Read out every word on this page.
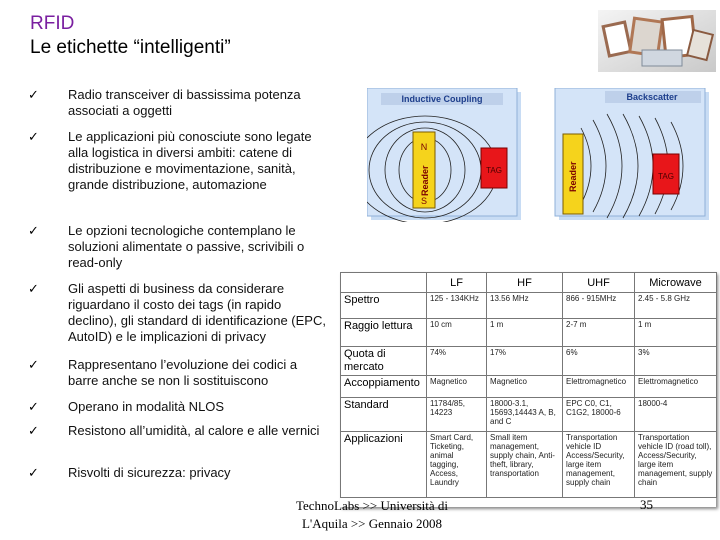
RFID
Le etichette “intelligenti”
✓ Radio transceiver di bassissima potenza associati a oggetti
✓ Le applicazioni più conosciute sono legate alla logistica in diversi ambiti: catene di distribuzione e movimentazione, sanità, grande distribuzione, automazione
✓ Le opzioni tecnologiche contemplano le soluzioni alimentate o passive, scrivibili o read-only
✓ Gli aspetti di business da considerare riguardano il costo dei tags (in rapido declino), gli standard di identificazione (EPC, AutoID) e le implicazioni di privacy
✓ Rappresentano l’evoluzione dei codici a barre anche se non li sostituiscono
✓ Operano in modalità NLOS
✓ Resistono all’umidità, al calore e alle vernici
✓ Risvolti di sicurezza: privacy
Inductive Coupling
Reader
N
S
TAG
Backscatter
Reader	TAG
	LF	HF	UHF	Microwave
Spettro	125 - 134KHz	13.56 MHz	866 - 915MHz	2.45 - 5.8 GHz
Raggio lettura	10 cm	1 m	2-7 m	1 m
Quota di mercato	74%	17%	6%	3%
Accoppiamento	Magnetico	Magnetico	Elettromagnetico	Elettromagnetico
Standard	11784/85, 14223	18000-3.1, 15693,14443 A, B, and C	EPC C0, C1, C1G2, 18000-6	18000-4
Applicazioni	Smart Card, Ticketing, animal tagging, Access, Laundry	Small item management, supply chain, Anti-theft, library, transportation	Transportation vehicle ID Access/Security, large item management, supply chain	Transportation vehicle ID (road toll), Access/Security, large item management, supply chain
TechnoLabs >> Università di
L'Aquila >> Gennaio 2008
35
